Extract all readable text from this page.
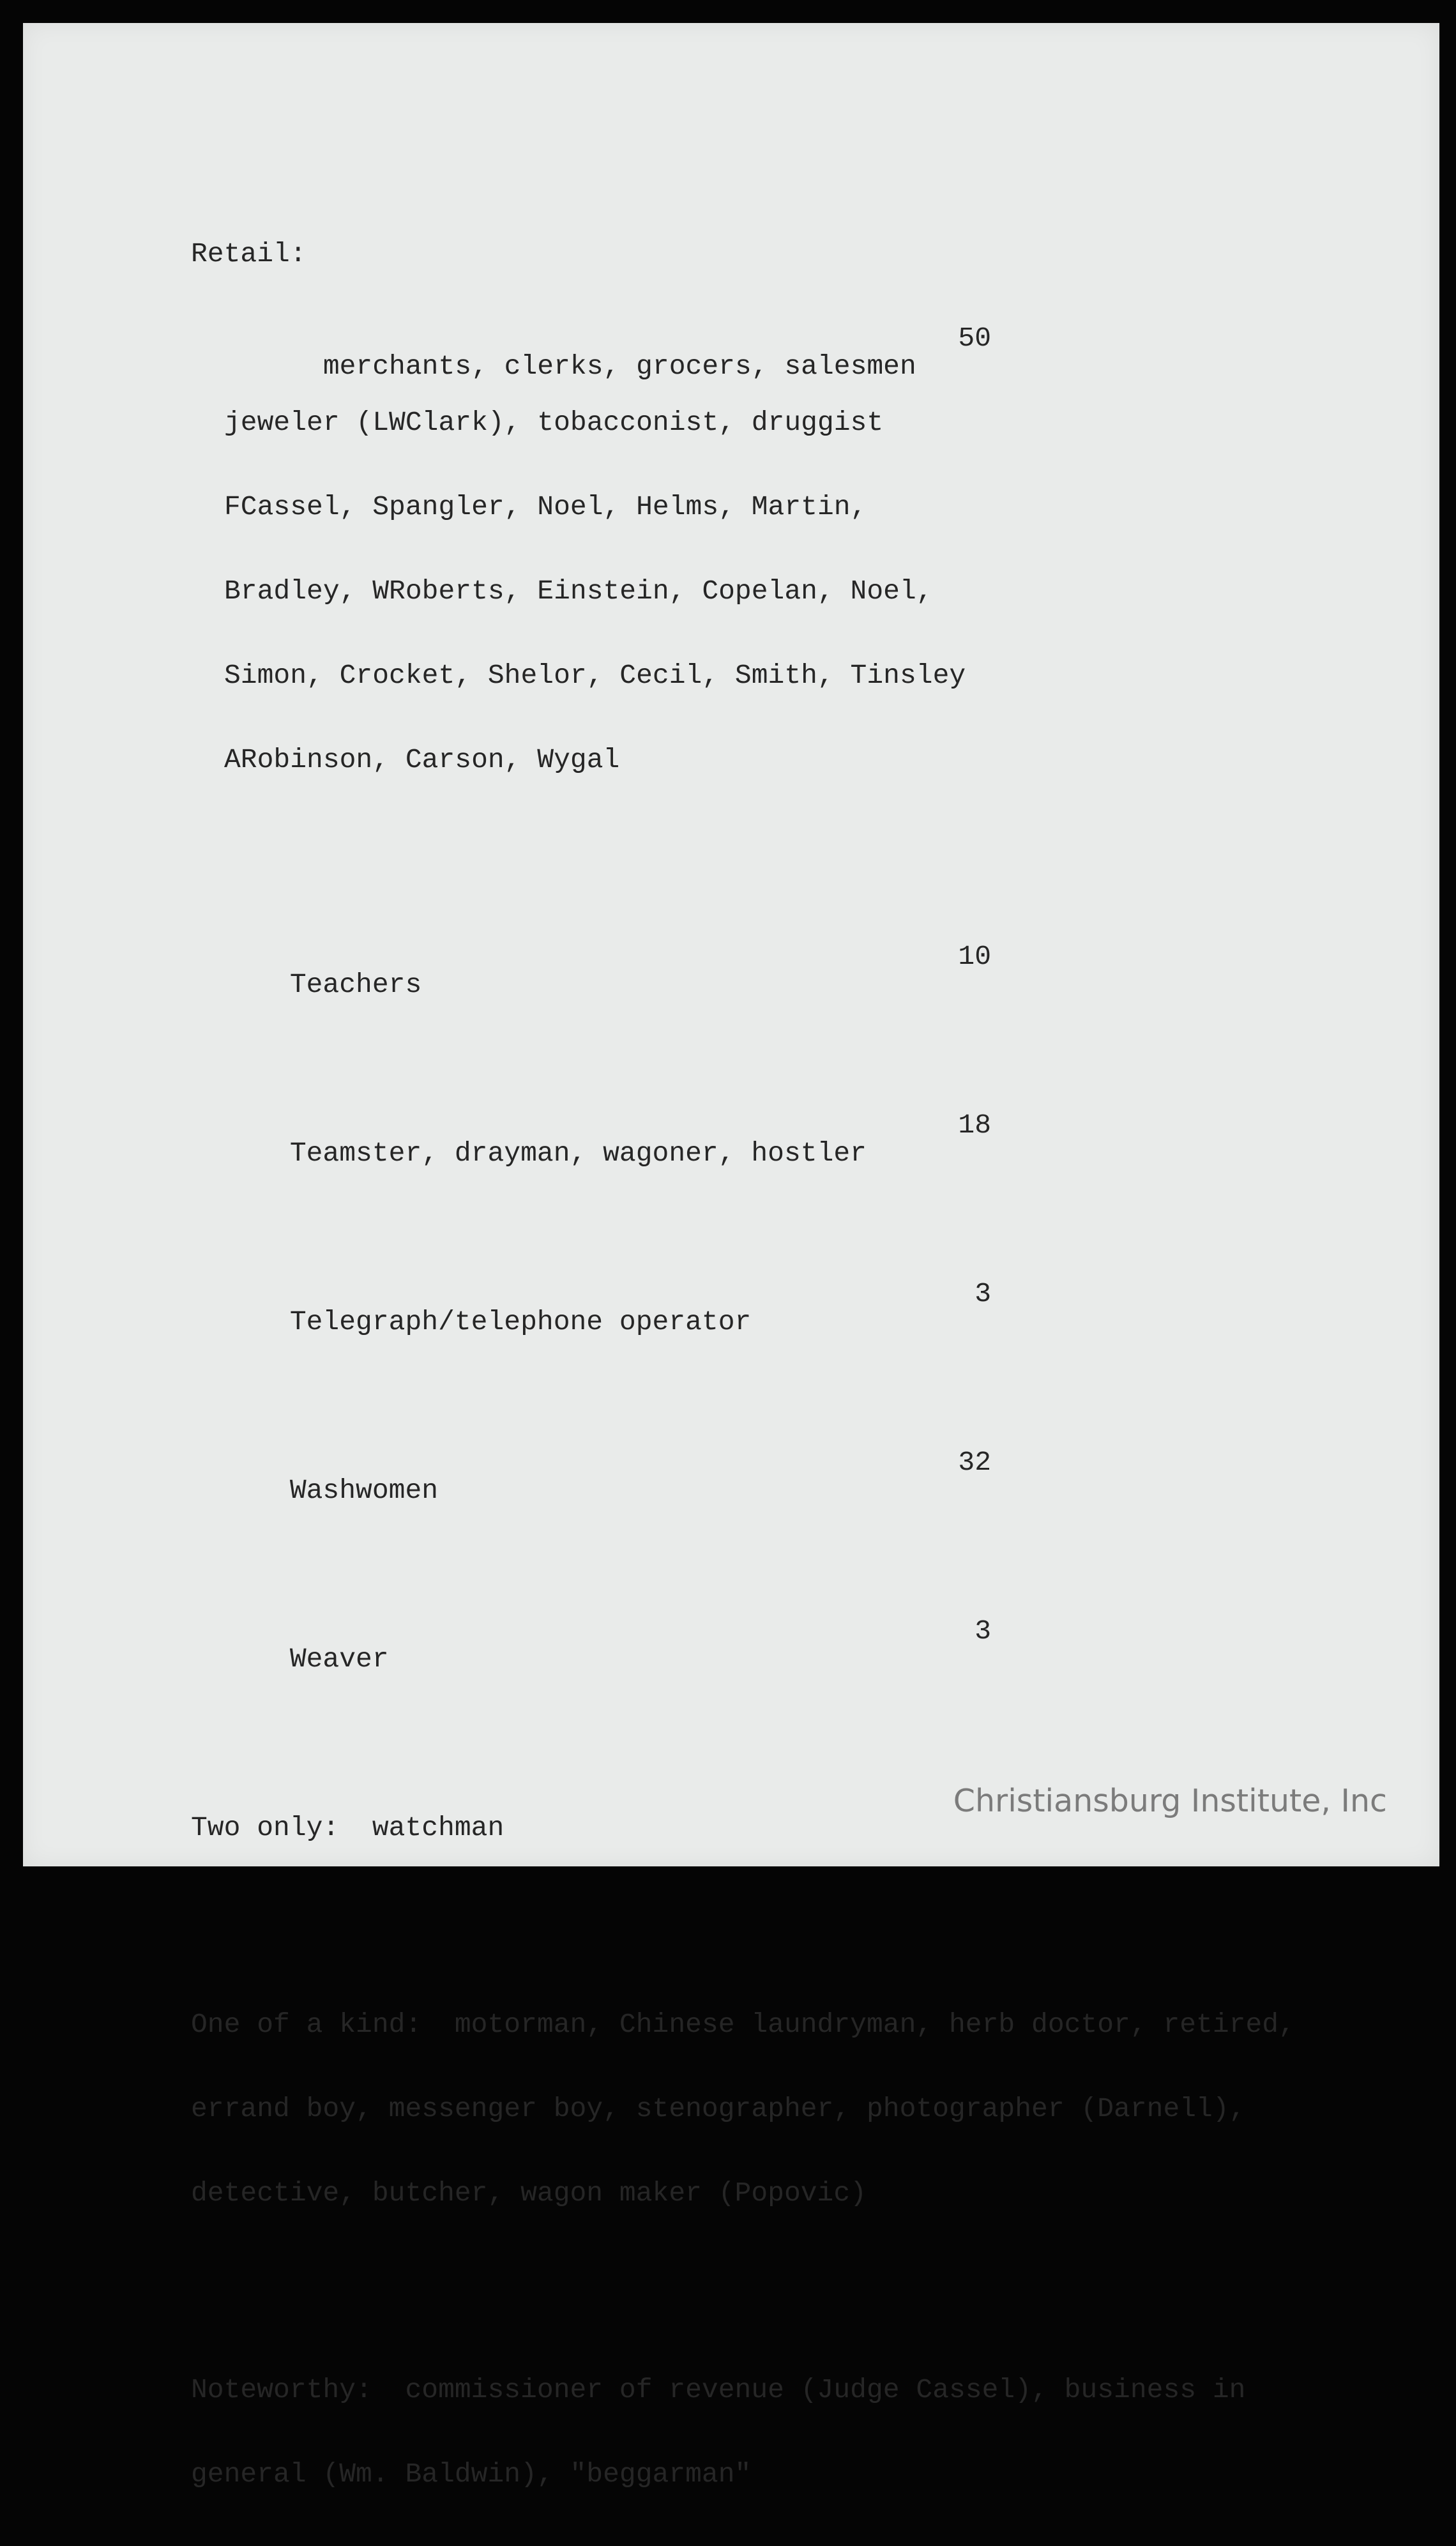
Retail:

merchants, clerks, grocers, salesmen

50

jeweler (LWClark), tobacconist, druggist

FCassel, Spangler, Noel, Helms, Martin,

Bradley, WRoberts, Einstein, Copelan, Noel,

Simon, Crocket, Shelor, Cecil, Smith, Tinsley

ARobinson, Carson, Wygal

Teachers

10

Teamster, drayman, wagoner, hostler

18

Telegraph/telephone operator

3

Washwomen

32

Weaver

3

Two only:  watchman

One of a kind:  motorman, Chinese laundryman, herb doctor, retired,

errand boy, messenger boy, stenographer, photographer (Darnell),

detective, butcher, wagon maker (Popovic)

Noteworthy:  commissioner of revenue (Judge Cassel), business in

general (Wm. Baldwin), "beggarman"

Christiansburg Institute, Inc
